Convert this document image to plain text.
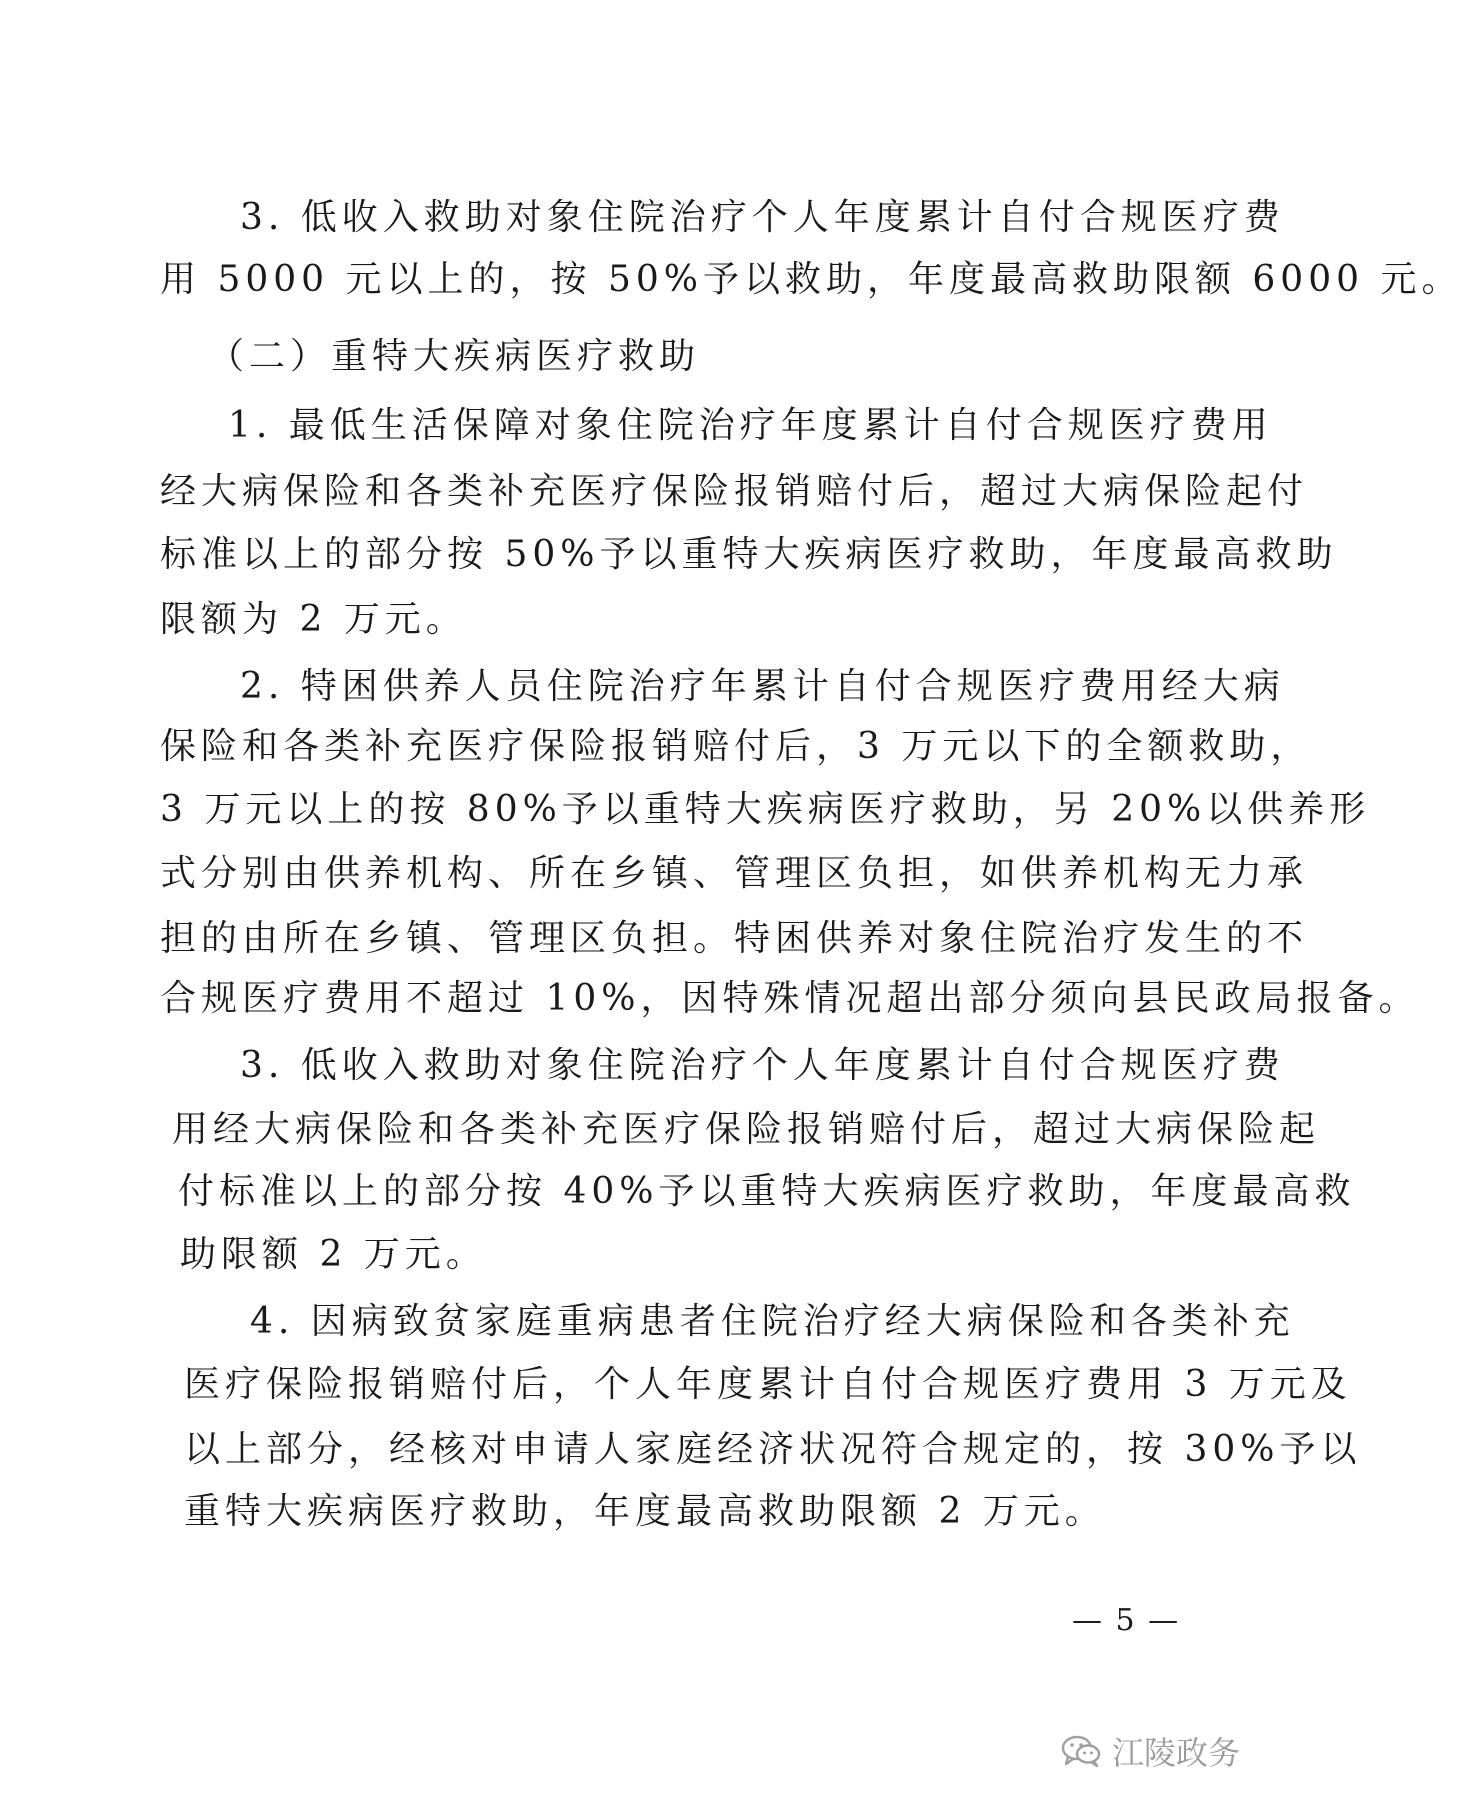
3. 低收入救助对象住院治疗个人年度累计自付合规医疗费
用 5000 元以上的，按 50%予以救助，年度最高救助限额 6000 元。
（二）重特大疾病医疗救助
1. 最低生活保障对象住院治疗年度累计自付合规医疗费用
经大病保险和各类补充医疗保险报销赔付后，超过大病保险起付
标准以上的部分按 50%予以重特大疾病医疗救助，年度最高救助
限额为 2 万元。
2. 特困供养人员住院治疗年累计自付合规医疗费用经大病
保险和各类补充医疗保险报销赔付后，3 万元以下的全额救助，
3 万元以上的按 80%予以重特大疾病医疗救助，另 20%以供养形
式分别由供养机构、所在乡镇、管理区负担，如供养机构无力承
担的由所在乡镇、管理区负担。特困供养对象住院治疗发生的不
合规医疗费用不超过 10%，因特殊情况超出部分须向县民政局报备。
3. 低收入救助对象住院治疗个人年度累计自付合规医疗费
用经大病保险和各类补充医疗保险报销赔付后，超过大病保险起
付标准以上的部分按 40%予以重特大疾病医疗救助，年度最高救
助限额 2 万元。
4. 因病致贫家庭重病患者住院治疗经大病保险和各类补充
医疗保险报销赔付后，个人年度累计自付合规医疗费用 3 万元及
以上部分，经核对申请人家庭经济状况符合规定的，按 30%予以
重特大疾病医疗救助，年度最高救助限额 2 万元。
— 5 —
江陵政务
